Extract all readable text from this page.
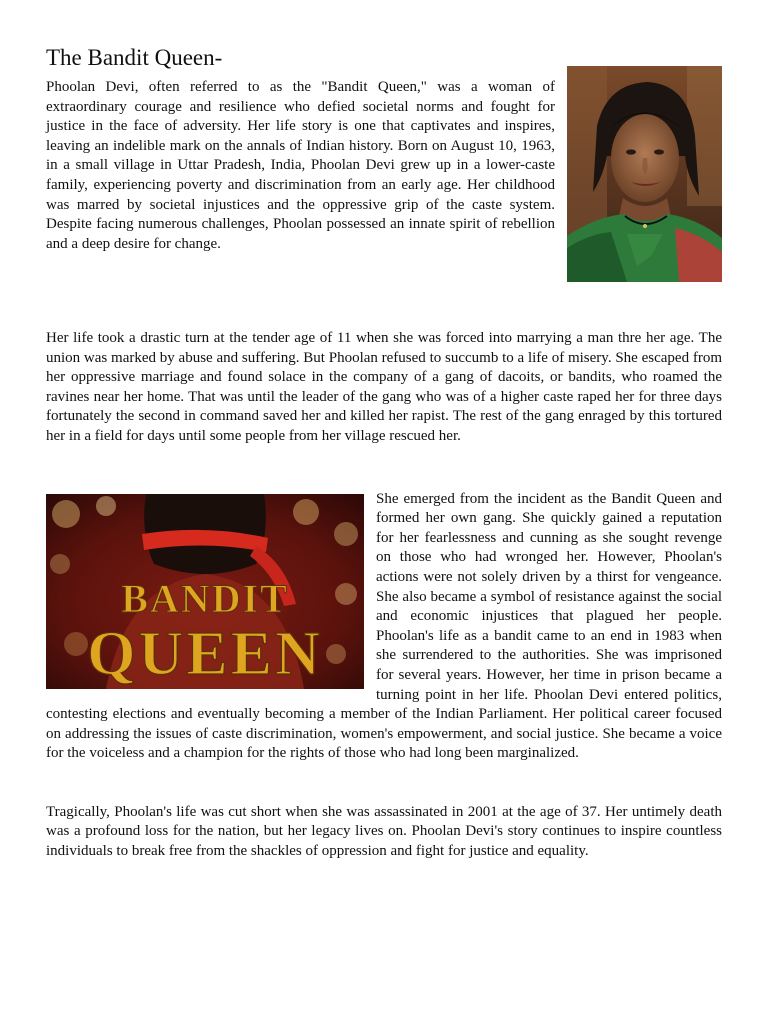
The Bandit Queen-

Phoolan Devi, often referred to as the "Bandit Queen," was a woman of extraordinary courage and resilience who defied societal norms and fought for justice in the face of adversity. Her life story is one that captivates and inspires, leaving an indelible mark on the annals of Indian history. Born on August 10, 1963, in a small village in Uttar Pradesh, India, Phoolan Devi grew up in a lower-caste family, experiencing poverty and discrimination from an early age. Her childhood was marred by societal injustices and the oppressive grip of the caste system. Despite facing numerous challenges, Phoolan possessed an innate spirit of rebellion and a deep desire for change.

Her life took a drastic turn at the tender age of 11 when she was forced into marrying a man thre her age. The union was marked by abuse and suffering. But Phoolan refused to succumb to a life of misery. She escaped from her oppressive marriage and found solace in the company of a gang of dacoits, or bandits, who roamed the ravines near her home. That was until the leader of the gang who was of a higher caste raped her for three days fortunately the second in command saved her and killed her rapist. The rest of the gang enraged by this tortured her in a field for days until some people from her village rescued her.

BANDIT
QUEEN

She emerged from the incident as the Bandit Queen and formed her own gang. She quickly gained a reputation for her fearlessness and cunning as she sought revenge on those who had wronged her. However, Phoolan's actions were not solely driven by a thirst for vengeance. She also became a symbol of resistance against the social and economic injustices that plagued her people. Phoolan's life as a bandit came to an end in 1983 when she surrendered to the authorities. She was imprisoned for several years. However, her time in prison became a turning point in her life. Phoolan Devi entered politics, contesting elections and eventually becoming a member of the Indian Parliament. Her political career focused on addressing the issues of caste discrimination, women's empowerment, and social justice. She became a voice for the voiceless and a champion for the rights of those who had long been marginalized.

Tragically, Phoolan's life was cut short when she was assassinated in 2001 at the age of 37. Her untimely death was a profound loss for the nation, but her legacy lives on. Phoolan Devi's story continues to inspire countless individuals to break free from the shackles of oppression and fight for justice and equality.
